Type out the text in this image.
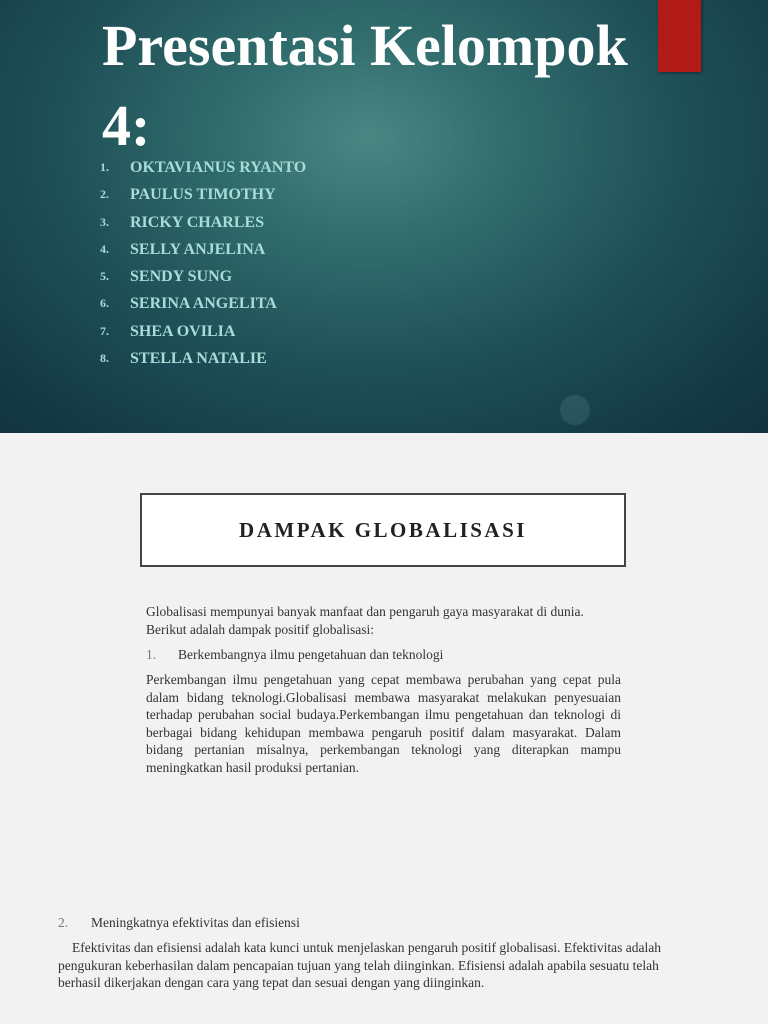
Presentasi Kelompok 4:
1.	OKTAVIANUS RYANTO
2.	PAULUS TIMOTHY
3.	RICKY CHARLES
4.	SELLY ANJELINA
5.	SENDY SUNG
6.	SERINA ANGELITA
7.	SHEA OVILIA
8.	STELLA NATALIE
DAMPAK GLOBALISASI

Globalisasi mempunyai banyak manfaat dan pengaruh gaya masyarakat di dunia. Berikut adalah dampak positif globalisasi:

1. Berkembangnya ilmu pengetahuan dan teknologi

Perkembangan ilmu pengetahuan yang cepat membawa perubahan yang cepat pula dalam bidang teknologi.Globalisasi membawa masyarakat melakukan penyesuaian terhadap perubahan social budaya.Perkembangan ilmu pengetahuan dan teknologi di berbagai bidang kehidupan membawa pengaruh positif dalam masyarakat. Dalam bidang pertanian misalnya, perkembangan teknologi yang diterapkan mampu meningkatkan hasil produksi pertanian.

2. Meningkatnya efektivitas dan efisiensi

Efektivitas dan efisiensi adalah kata kunci untuk menjelaskan pengaruh positif globalisasi. Efektivitas adalah pengukuran keberhasilan dalam pencapaian tujuan yang telah diinginkan. Efisiensi adalah apabila sesuatu telah berhasil dikerjakan dengan cara yang tepat dan sesuai dengan yang diinginkan.
